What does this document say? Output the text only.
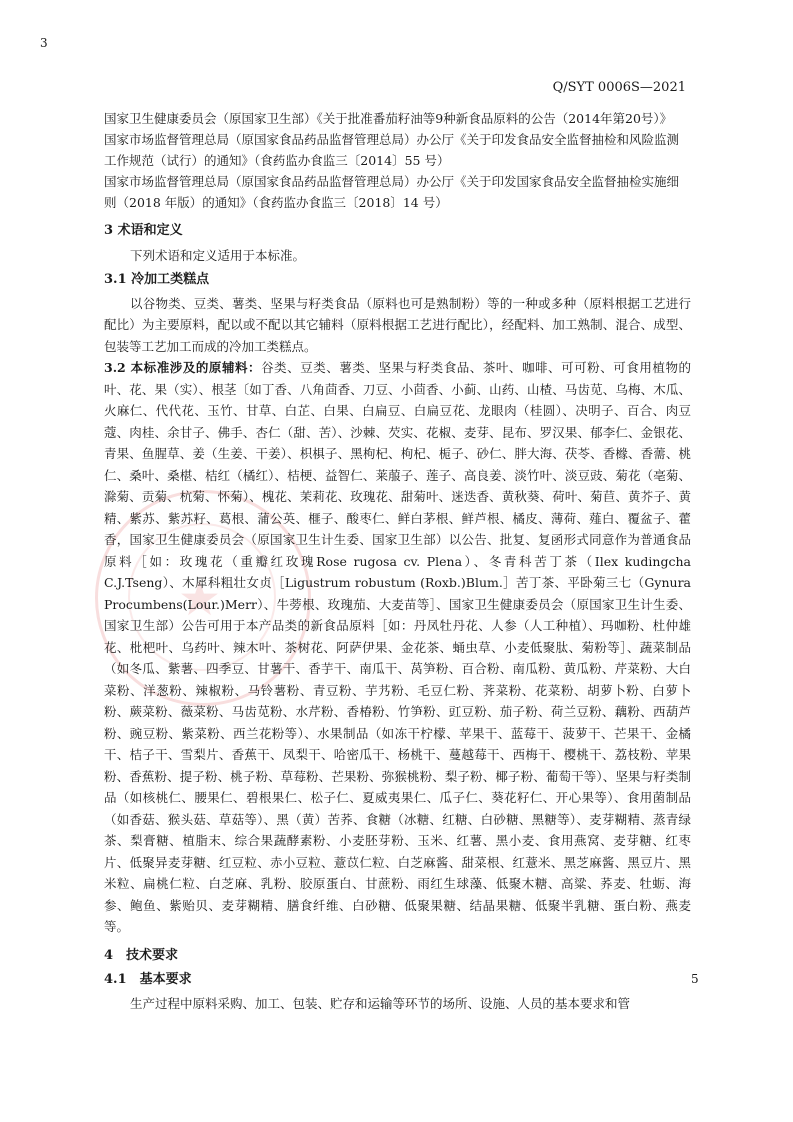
3
Q/SYT 0006S—2021
★

国家卫生健康委员会（原国家卫生部）《关于批准番茄籽油等9种新食品原料的公告（2014年第20号）》

国家市场监督管理总局（原国家食品药品监督管理总局）办公厅《关于印发食品安全监督抽检和风险监测工作规范（试行）的通知》（食药监办食监三〔2014〕55 号）

国家市场监督管理总局（原国家食品药品监督管理总局）办公厅《关于印发国家食品安全监督抽检实施细则（2018 年版）的通知》（食药监办食监三〔2018〕14 号）

3 术语和定义

下列术语和定义适用于本标准。

3.1 冷加工类糕点

以谷物类、豆类、薯类、坚果与籽类食品（原料也可是熟制粉）等的一种或多种（原料根据工艺进行配比）为主要原料，配以或不配以其它辅料（原料根据工艺进行配比），经配料、加工熟制、混合、成型、包装等工艺加工而成的冷加工类糕点。

3.2 本标准涉及的原辅料：谷类、豆类、薯类、坚果与籽类食品、茶叶、咖啡、可可粉、可食用植物的叶、花、果（实）、根茎〔如丁香、八角茴香、刀豆、小茴香、小蓟、山药、山楂、马齿苋、乌梅、木瓜、火麻仁、代代花、玉竹、甘草、白芷、白果、白扁豆、白扁豆花、龙眼肉（桂圆）、决明子、百合、肉豆蔻、肉桂、余甘子、佛手、杏仁（甜、苦）、沙棘、芡实、花椒、麦芽、昆布、罗汉果、郁李仁、金银花、青果、鱼腥草、姜（生姜、干姜）、枳椇子、黑枸杞、枸杞、栀子、砂仁、胖大海、茯苓、香橼、香薷、桃仁、桑叶、桑椹、桔红（橘红）、桔梗、益智仁、莱菔子、莲子、高良姜、淡竹叶、淡豆豉、菊花（亳菊、滁菊、贡菊、杭菊、怀菊）、槐花、茉莉花、玫瑰花、甜菊叶、迷迭香、黄秋葵、荷叶、菊苣、黄芥子、黄精、紫苏、紫苏籽、葛根、蒲公英、榧子、酸枣仁、鲜白茅根、鲜芦根、橘皮、薄荷、薤白、覆盆子、藿香，国家卫生健康委员会（原国家卫生计生委、国家卫生部）以公告、批复、复函形式同意作为普通食品原料［如：玫瑰花（重瓣红玫瑰Rose rugosa cv. Plena）、冬青科苦丁茶（Ilex kudingcha C.J.Tseng）、木犀科粗壮女贞［Ligustrum robustum (Roxb.)Blum.］苦丁茶、平卧菊三七（Gynura Procumbens(Lour.)Merr）、牛蒡根、玫瑰茄、大麦苗等］、国家卫生健康委员会（原国家卫生计生委、国家卫生部）公告可用于本产品类的新食品原料［如：丹凤牡丹花、人参（人工种植）、玛咖粉、杜仲雄花、枇杷叶、乌药叶、辣木叶、茶树花、阿萨伊果、金花茶、蛹虫草、小麦低聚肽、菊粉等］、蔬菜制品（如冬瓜、紫薯、四季豆、甘薯干、香芋干、南瓜干、莴笋粉、百合粉、南瓜粉、黄瓜粉、芹菜粉、大白菜粉、洋葱粉、辣椒粉、马铃薯粉、青豆粉、芋艿粉、毛豆仁粉、荠菜粉、花菜粉、胡萝卜粉、白萝卜粉、蕨菜粉、薇菜粉、马齿苋粉、水芹粉、香椿粉、竹笋粉、豇豆粉、茄子粉、荷兰豆粉、藕粉、西葫芦粉、豌豆粉、紫菜粉、西兰花粉等）、水果制品（如冻干柠檬、苹果干、蓝莓干、菠萝干、芒果干、金橘干、桔子干、雪梨片、香蕉干、凤梨干、哈密瓜干、杨桃干、蔓越莓干、西梅干、樱桃干、荔枝粉、苹果粉、香蕉粉、提子粉、桃子粉、草莓粉、芒果粉、弥猴桃粉、梨子粉、椰子粉、葡萄干等）、坚果与籽类制品（如核桃仁、腰果仁、碧根果仁、松子仁、夏威夷果仁、瓜子仁、葵花籽仁、开心果等）、食用菌制品（如香菇、猴头菇、草菇等）、黑（黄）苦荞、食糖（冰糖、红糖、白砂糖、黑糖等）、麦芽糊精、蒸青绿茶、梨膏糖、植脂末、综合果蔬酵素粉、小麦胚芽粉、玉米、红薯、黑小麦、食用燕窝、麦芽糖、红枣片、低聚异麦芽糖、红豆粒、赤小豆粒、薏苡仁粒、白芝麻酱、甜菜根、红薏米、黑芝麻酱、黑豆片、黑米粒、扁桃仁粒、白芝麻、乳粉、胶原蛋白、甘蔗粉、雨红生球藻、低聚木糖、高粱、荞麦、牡蛎、海参、鲍鱼、紫贻贝、麦芽糊精、膳食纤维、白砂糖、低聚果糖、结晶果糖、低聚半乳糖、蛋白粉、燕麦等。

4　技术要求
4.1　基本要求

生产过程中原料采购、加工、包装、贮存和运输等环节的场所、设施、人员的基本要求和管

5
